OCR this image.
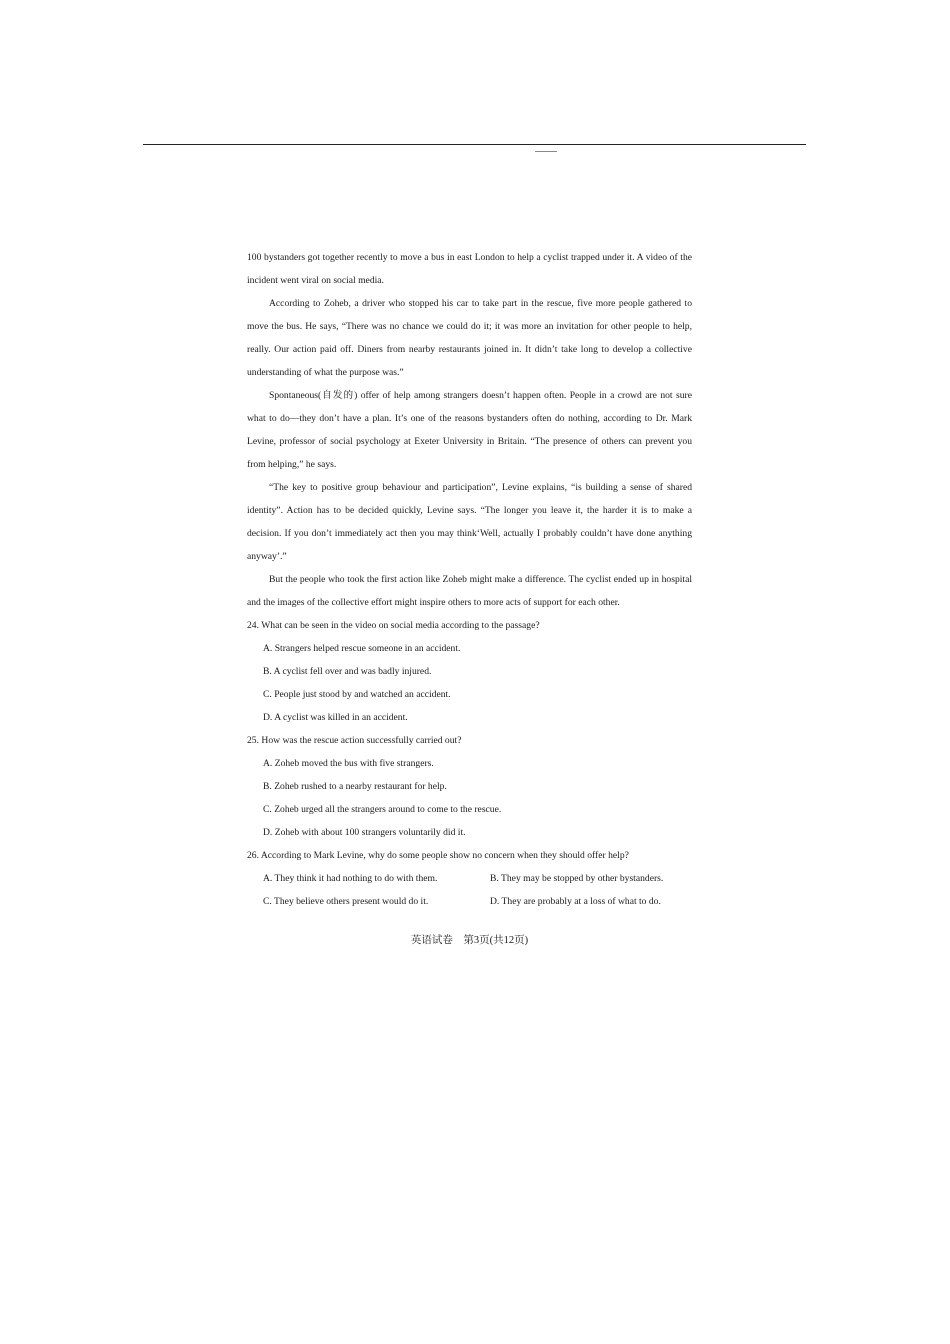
100 bystanders got together recently to move a bus in east London to help a cyclist trapped under it. A video of the incident went viral on social media.

According to Zoheb, a driver who stopped his car to take part in the rescue, five more people gathered to move the bus. He says, “There was no chance we could do it; it was more an invitation for other people to help, really. Our action paid off. Diners from nearby restaurants joined in. It didn’t take long to develop a collective understanding of what the purpose was.”

Spontaneous(自发的) offer of help among strangers doesn’t happen often. People in a crowd are not sure what to do—they don’t have a plan. It’s one of the reasons bystanders often do nothing, according to Dr. Mark Levine, professor of social psychology at Exeter University in Britain. “The presence of others can prevent you from helping,” he says.

“The key to positive group behaviour and participation”, Levine explains, “is building a sense of shared identity”. Action has to be decided quickly, Levine says. “The longer you leave it, the harder it is to make a decision. If you don’t immediately act then you may think‘Well, actually I probably couldn’t have done anything anyway’.”

But the people who took the first action like Zoheb might make a difference. The cyclist ended up in hospital and the images of the collective effort might inspire others to more acts of support for each other.

24. What can be seen in the video on social media according to the passage?

A. Strangers helped rescue someone in an accident.

B. A cyclist fell over and was badly injured.

C. People just stood by and watched an accident.

D. A cyclist was killed in an accident.

25. How was the rescue action successfully carried out?

A. Zoheb moved the bus with five strangers.

B. Zoheb rushed to a nearby restaurant for help.

C. Zoheb urged all the strangers around to come to the rescue.

D. Zoheb with about 100 strangers voluntarily did it.

26. According to Mark Levine, why do some people show no concern when they should offer help?

A. They think it had nothing to do with them.	B. They may be stopped by other bystanders.
C. They believe others present would do it.	D. They are probably at a loss of what to do.
英语试卷　第3页(共12页)
